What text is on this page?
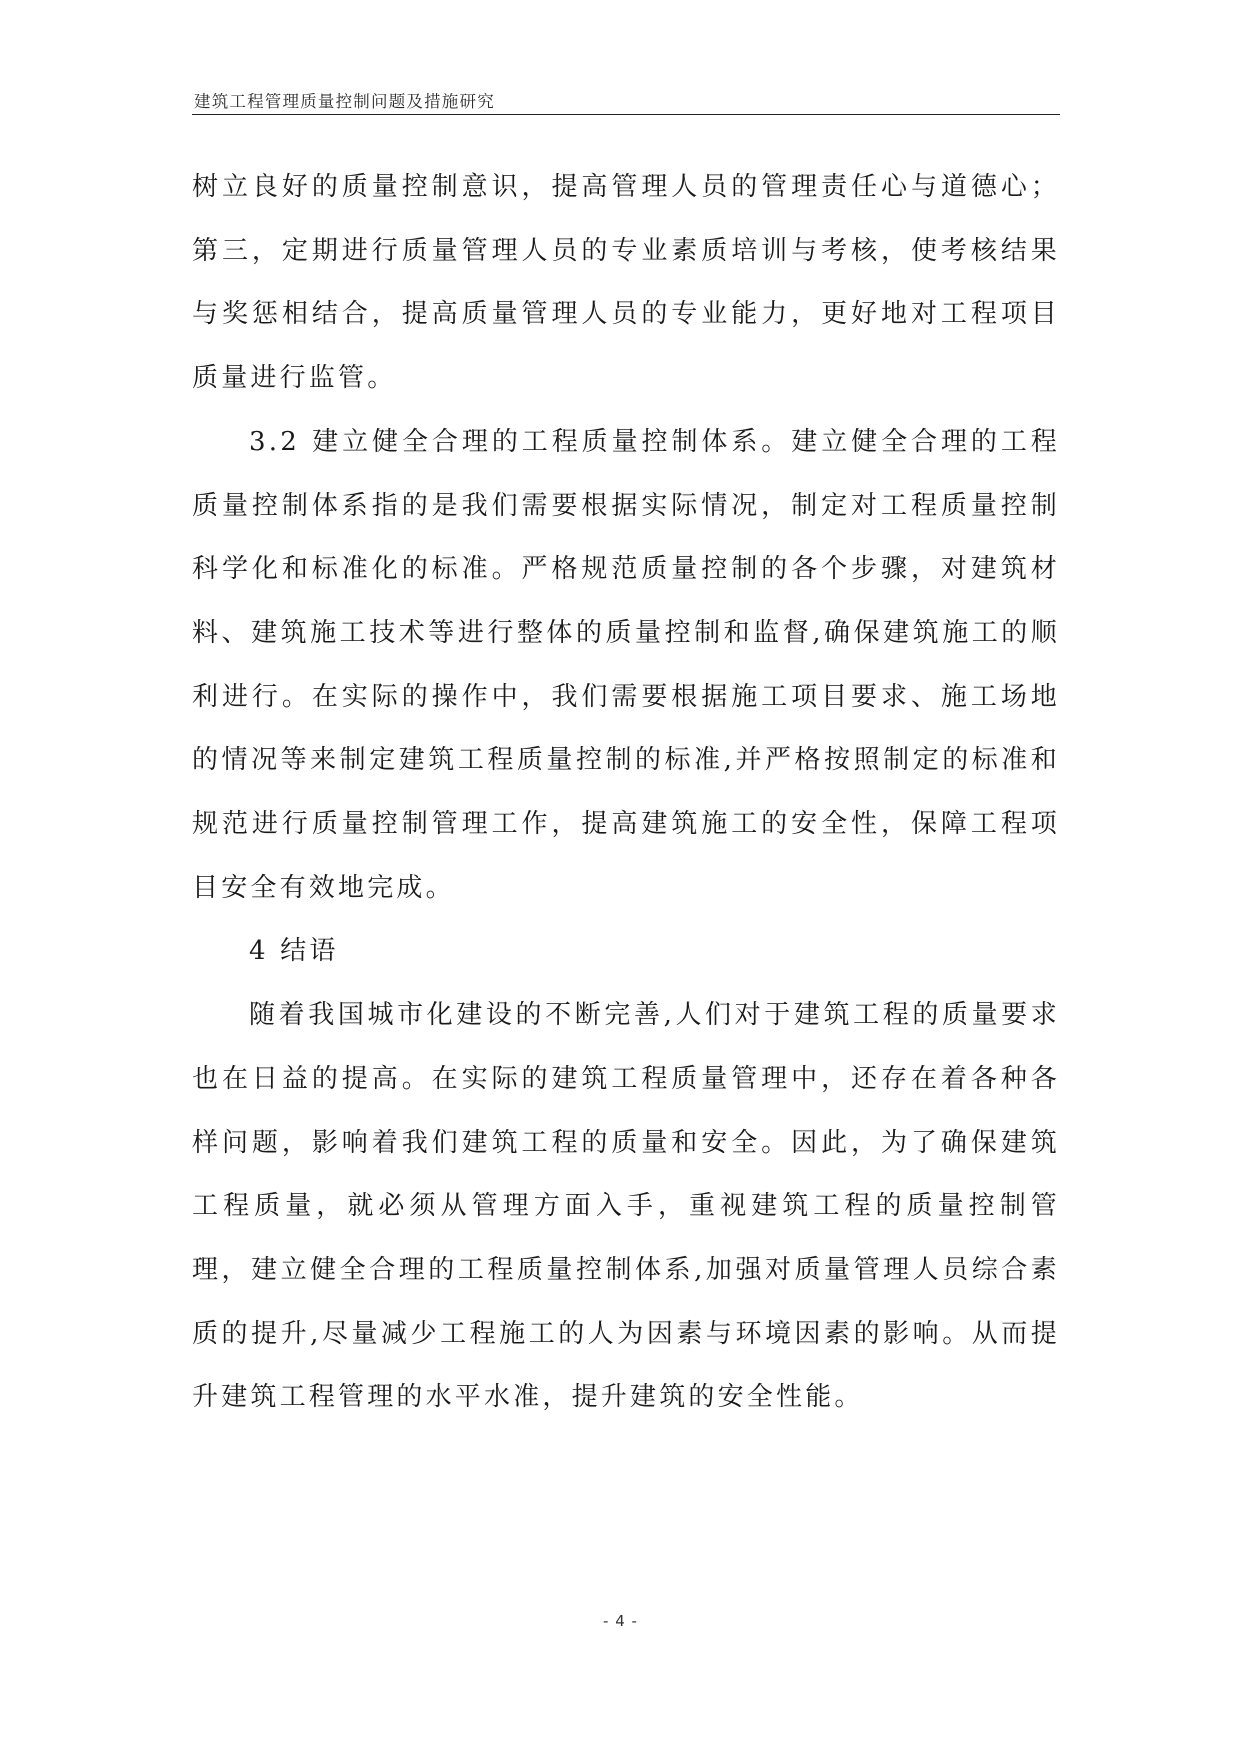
建筑工程管理质量控制问题及措施研究

树立良好的质量控制意识，提高管理人员的管理责任心与道德心；第三，定期进行质量管理人员的专业素质培训与考核，使考核结果与奖惩相结合，提高质量管理人员的专业能力，更好地对工程项目质量进行监管。

3.2 建立健全合理的工程质量控制体系。建立健全合理的工程质量控制体系指的是我们需要根据实际情况，制定对工程质量控制科学化和标准化的标准。严格规范质量控制的各个步骤，对建筑材料、建筑施工技术等进行整体的质量控制和监督,确保建筑施工的顺利进行。在实际的操作中，我们需要根据施工项目要求、施工场地的情况等来制定建筑工程质量控制的标准,并严格按照制定的标准和规范进行质量控制管理工作，提高建筑施工的安全性，保障工程项目安全有效地完成。

4 结语

随着我国城市化建设的不断完善,人们对于建筑工程的质量要求也在日益的提高。在实际的建筑工程质量管理中，还存在着各种各样问题，影响着我们建筑工程的质量和安全。因此，为了确保建筑工程质量，就必须从管理方面入手，重视建筑工程的质量控制管理，建立健全合理的工程质量控制体系,加强对质量管理人员综合素质的提升,尽量减少工程施工的人为因素与环境因素的影响。从而提升建筑工程管理的水平水准，提升建筑的安全性能。

- 4 -
